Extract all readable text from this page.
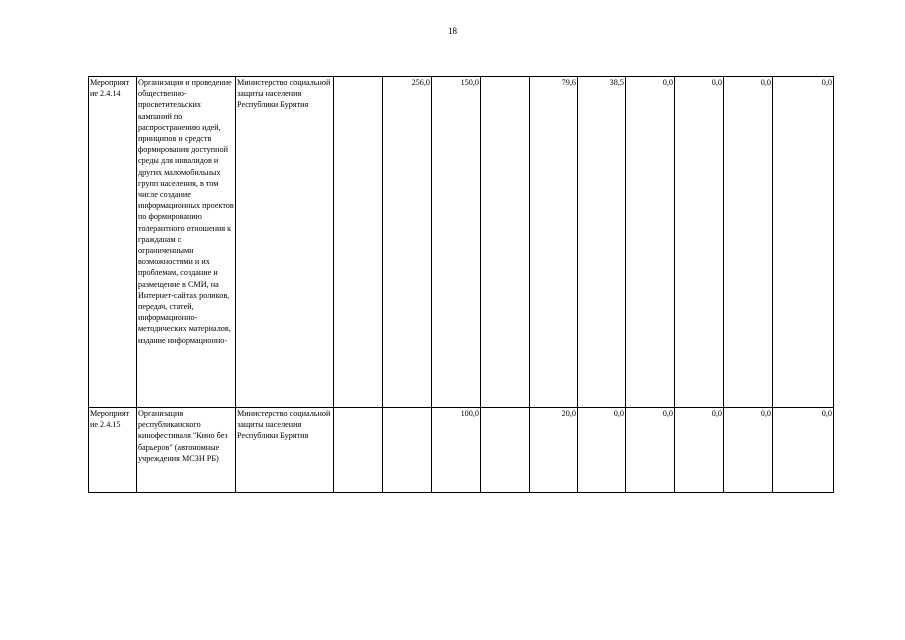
18
Мероприят ие 2.4.14	Организация и проведение общественно-просветительских кампаний по распространению идей, принципов и средств формирования доступной среды для инвалидов и других маломобильных групп населения, в том числе создание информационных проектов по формированию толерантного отношения к гражданам с ограниченными возможностями и их проблемам, создание и размещение в СМИ, на Интернет-сайтах роликов, передач, статей, информационно-методических материалов, издание информационно-	Министерство социальной защиты населения Республики Бурятия		256,0	150,0		79,6	38,5	0,0	0,0	0,0	0,0
Мероприят ие 2.4.15	Организация республиканского кинофестиваля "Кино без барьеров" (автономные учреждения МСЗН РБ)	Министерство социальной защиты населения Республики Бурятия			100,0		20,0	0,0	0,0	0,0	0,0	0,0
